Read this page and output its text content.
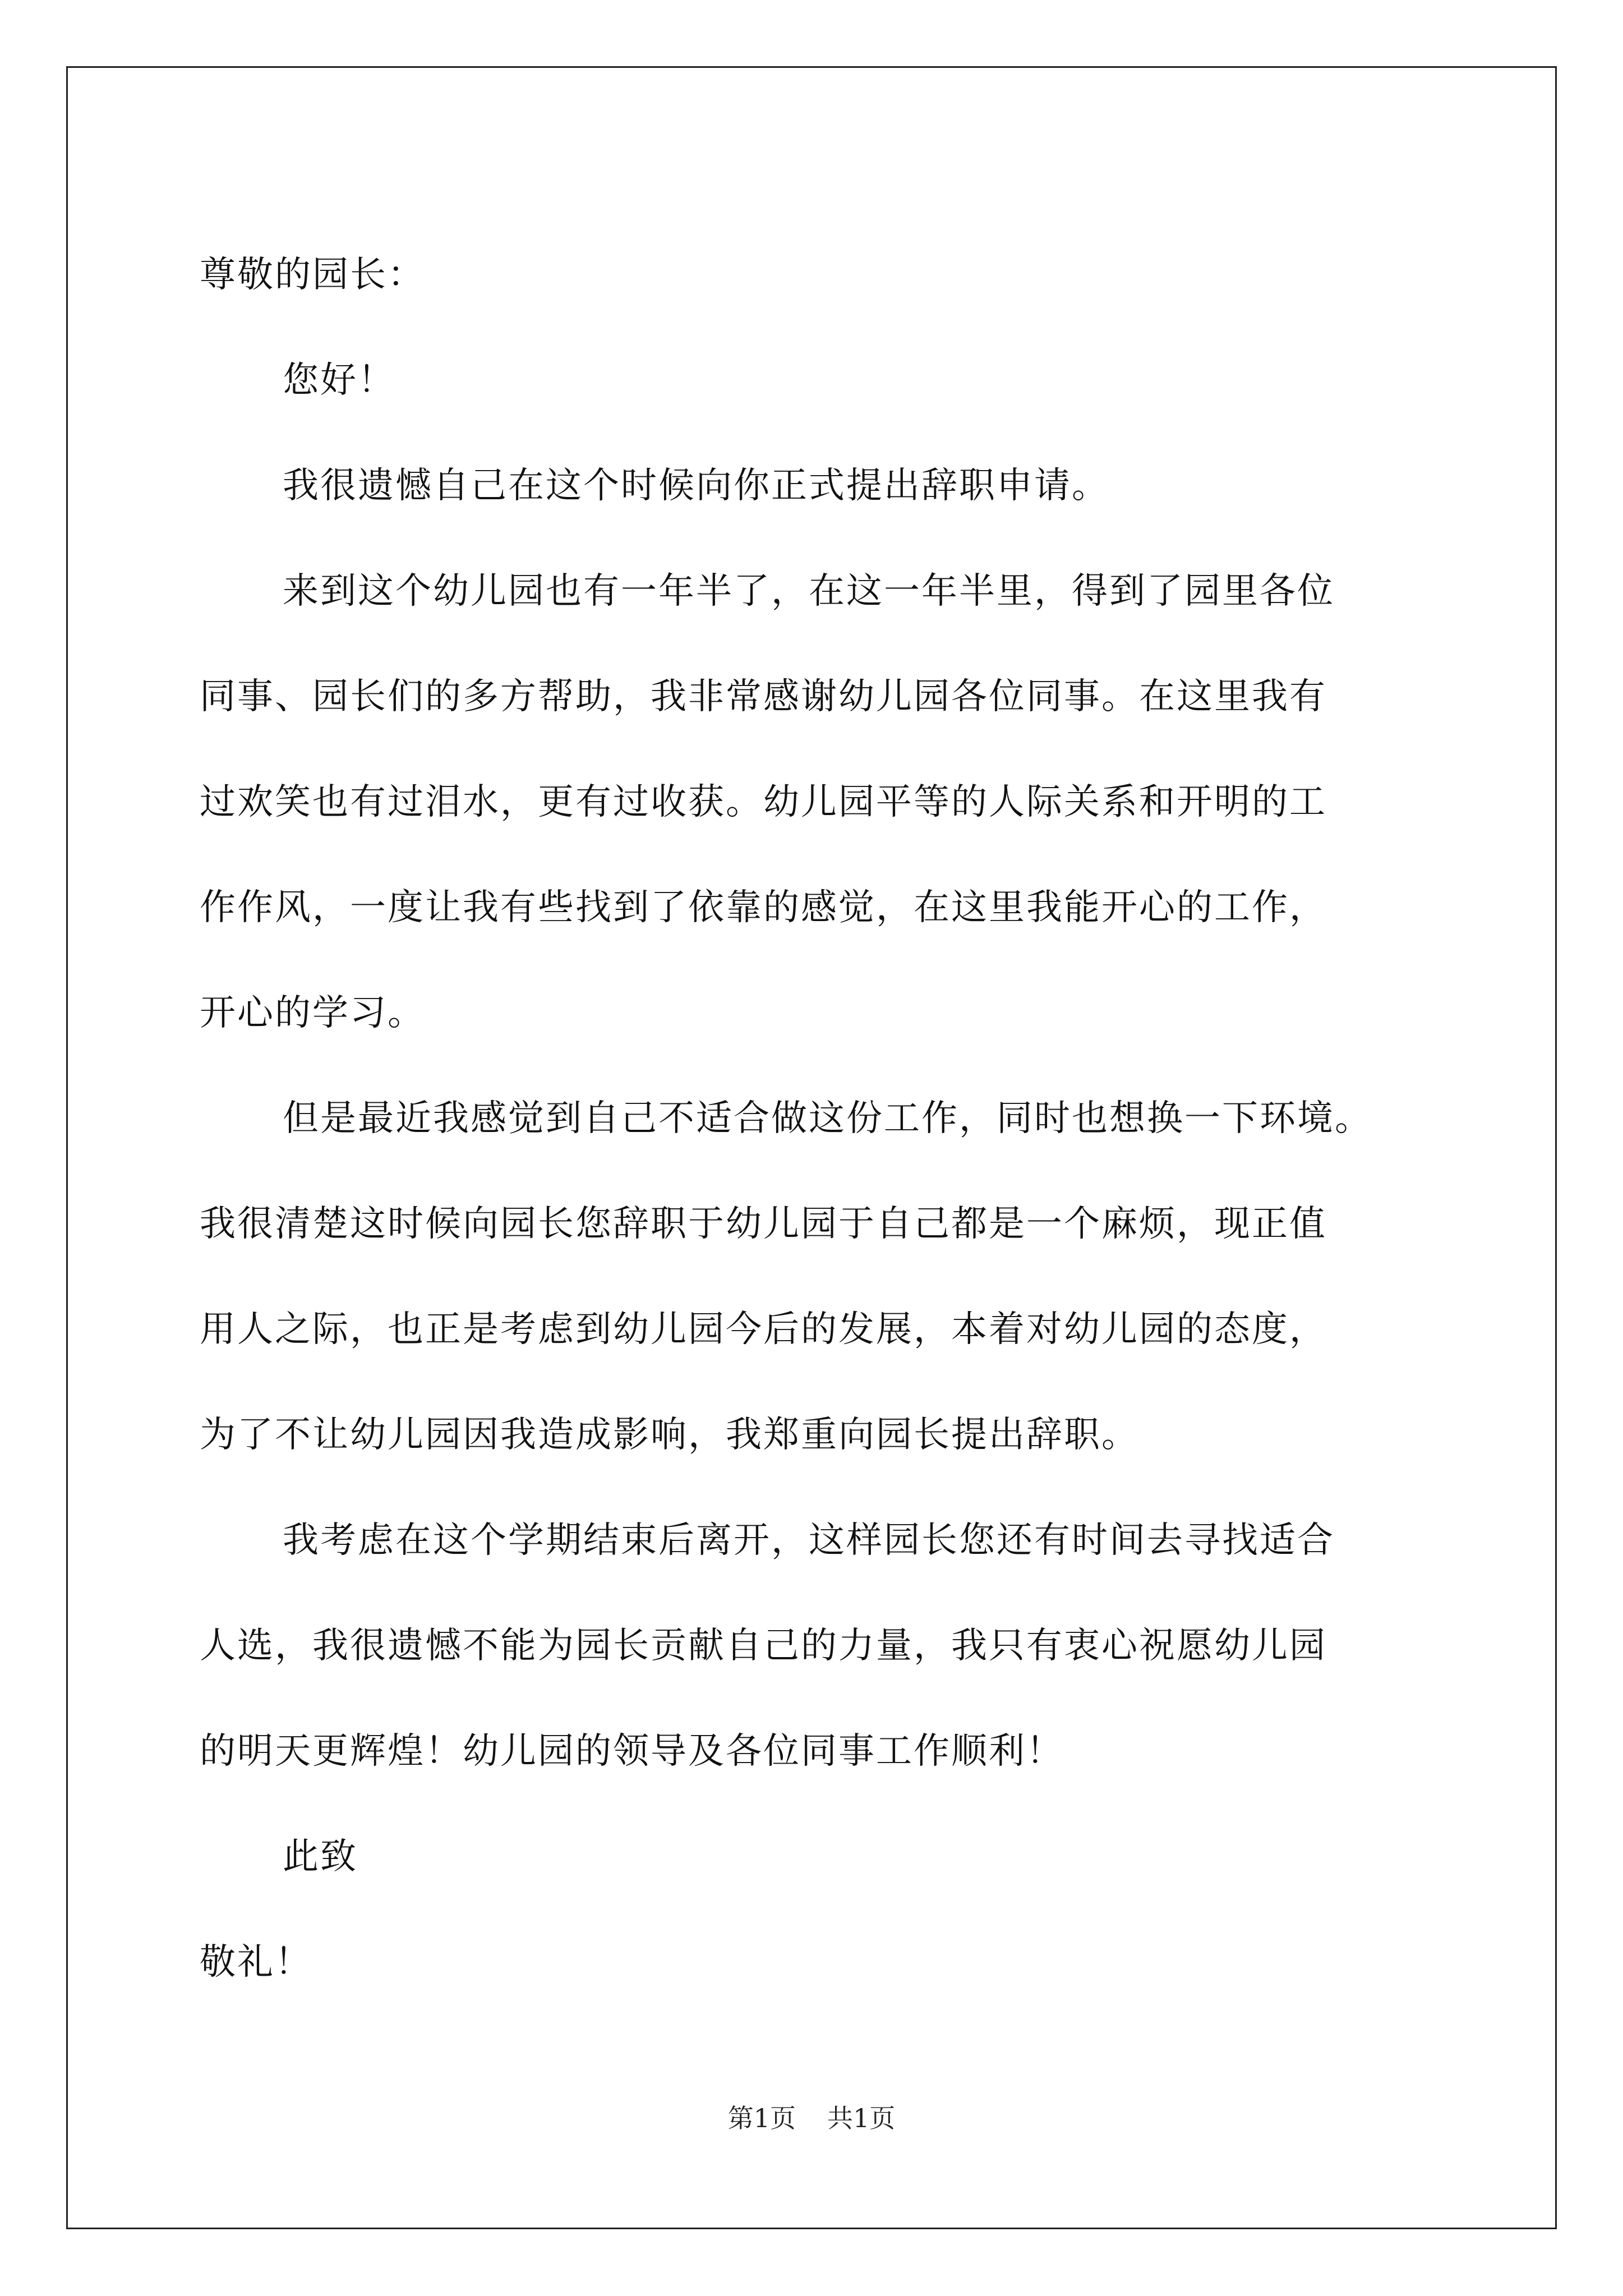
尊敬的园长：
您好！
我很遗憾自己在这个时候向你正式提出辞职申请。
来到这个幼儿园也有一年半了，在这一年半里，得到了园里各位
同事、园长们的多方帮助，我非常感谢幼儿园各位同事。在这里我有
过欢笑也有过泪水，更有过收获。幼儿园平等的人际关系和开明的工
作作风，一度让我有些找到了依靠的感觉，在这里我能开心的工作，
开心的学习。
但是最近我感觉到自己不适合做这份工作，同时也想换一下环境。
我很清楚这时候向园长您辞职于幼儿园于自己都是一个麻烦，现正值
用人之际，也正是考虑到幼儿园今后的发展，本着对幼儿园的态度，
为了不让幼儿园因我造成影响，我郑重向园长提出辞职。
我考虑在这个学期结束后离开，这样园长您还有时间去寻找适合
人选，我很遗憾不能为园长贡献自己的力量，我只有衷心祝愿幼儿园
的明天更辉煌！幼儿园的领导及各位同事工作顺利！
此致
敬礼！
第1页 共1页
